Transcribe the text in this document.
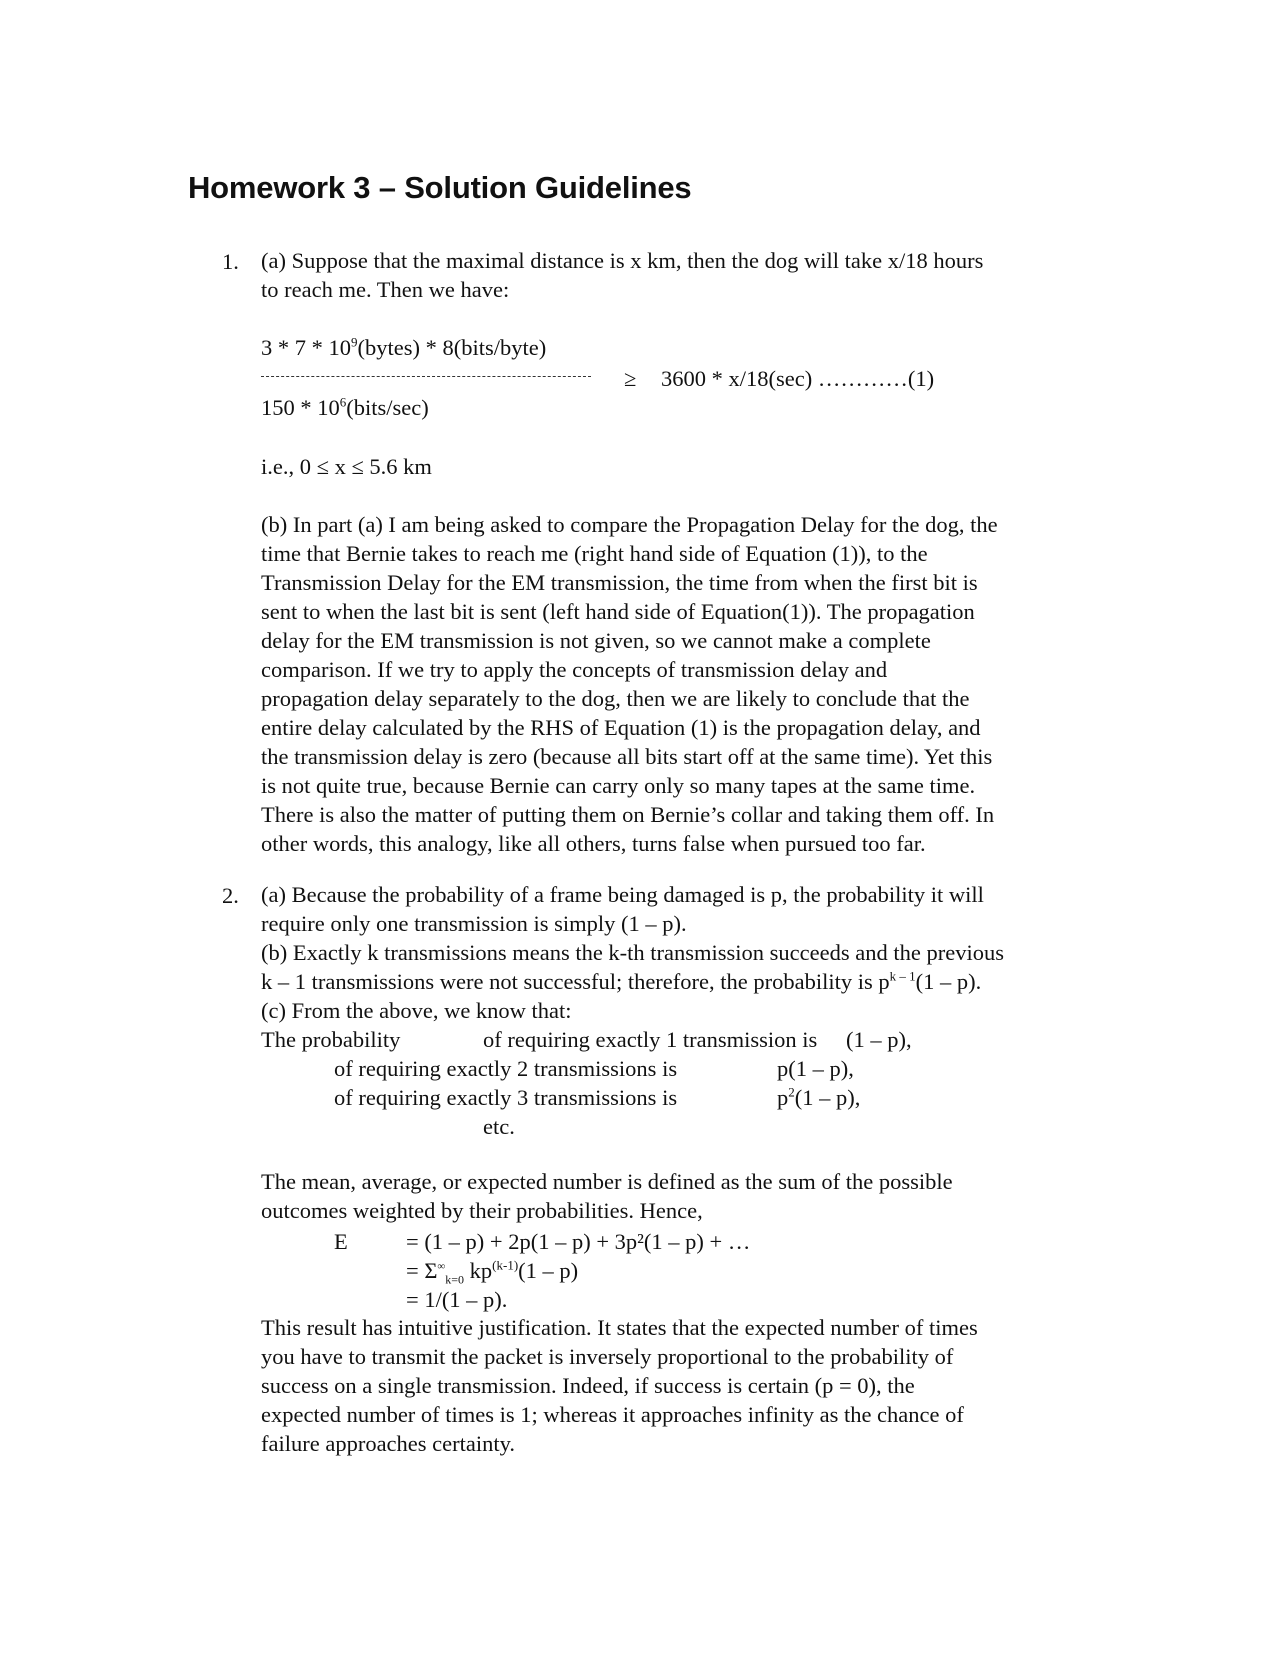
Homework 3 – Solution Guidelines
1. (a) Suppose that the maximal distance is x km, then the dog will take x/18 hours
to reach me. Then we have:
$3 * 7 * 10^9(bytes)$ * 8(bits/byte)
≥ 3600 * x/18(sec) …………(1)
$150 * 10^6(bits/\sec)$
i.e., 0 ≤ x ≤ 5.6 km
(b) In part (a) I am being asked to compare the Propagation Delay for the dog, the
time that Bernie takes to reach me (right hand side of Equation (1)), to the
Transmission Delay for the EM transmission, the time from when the first bit is
sent to when the last bit is sent (left hand side of Equation(1)). The propagation
delay for the EM transmission is not given, so we cannot make a complete
comparison. If we try to apply the concepts of transmission delay and
propagation delay separately to the dog, then we are likely to conclude that the
entire delay calculated by the RHS of Equation (1) is the propagation delay, and
the transmission delay is zero (because all bits start off at the same time). Yet this
is not quite true, because Bernie can carry only so many tapes at the same time.
There is also the matter of putting them on Bernie’s collar and taking them off. In
other words, this analogy, like all others, turns false when pursued too far.
2. (a) Because the probability of a frame being damaged is p, the probability it will
require only one transmission is simply (1 – p).
(b) Exactly k transmissions means the k-th transmission succeeds and the previous
k – 1 transmissions were not successful; therefore, the probability is $p^{k - 1}(1 - p)$.
(c) From the above, we know that:
The probability	of requiring exactly 1 transmission is (1 – p),
of requiring exactly 2 transmissions is	p(1 – p),
of requiring exactly 3 transmissions is	$p^2(1 - p)$,
etc.
The mean, average, or expected number is defined as the sum of the possible
outcomes weighted by their probabilities. Hence,
E	= (1 – p) + 2p(1 – p) + 3p²(1 – p) + …
= $\Sigma^\infty_{k=0}$ $kp^{(k-1)}(1 - p)$
= 1/(1 – p).
This result has intuitive justification. It states that the expected number of times
you have to transmit the packet is inversely proportional to the probability of
success on a single transmission. Indeed, if success is certain (p = 0), the
expected number of times is 1; whereas it approaches infinity as the chance of
failure approaches certainty.
